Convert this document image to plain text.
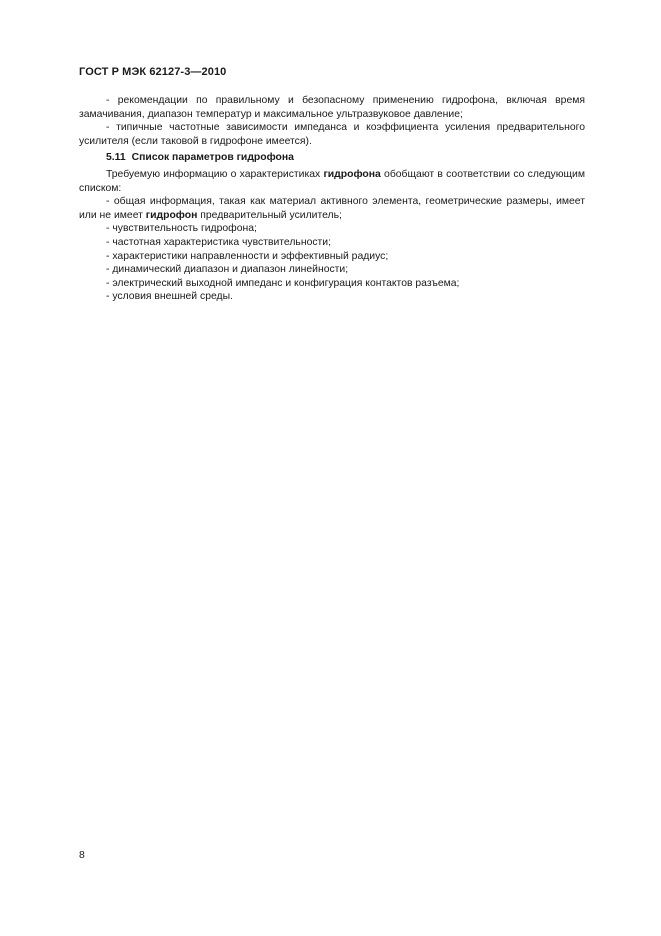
ГОСТ Р МЭК 62127-3—2010

- рекомендации по правильному и безопасному применению гидрофона, включая время замачивания, диапазон температур и максимальное ультразвуковое давление;

- типичные частотные зависимости импеданса и коэффициента усиления предварительного усилителя (если таковой в гидрофоне имеется).

5.11 Список параметров гидрофона

Требуемую информацию о характеристиках гидрофона обобщают в соответствии со следующим списком:

- общая информация, такая как материал активного элемента, геометрические размеры, имеет или не имеет гидрофон предварительный усилитель;

- чувствительность гидрофона;

- частотная характеристика чувствительности;

- характеристики направленности и эффективный радиус;

- динамический диапазон и диапазон линейности;

- электрический выходной импеданс и конфигурация контактов разъема;

- условия внешней среды.

8
